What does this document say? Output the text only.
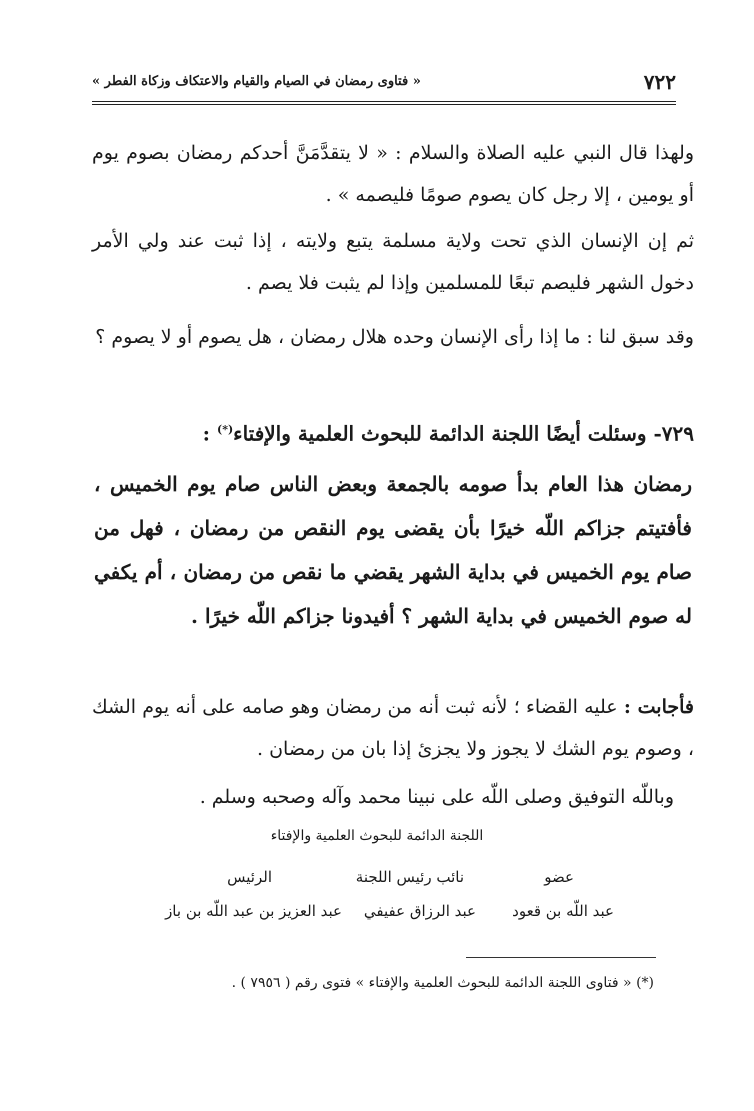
٧٢٢
« فتاوى رمضان في الصيام والقيام والاعتكاف وزكاة الفطر »
ولهذا قال النبي عليه الصلاة والسلام : « لا يتقدَّمَنَّ أحدكم رمضان بصوم يوم أو يومين ، إلا رجل كان يصوم صومًا فليصمه » .
ثم إن الإنسان الذي تحت ولاية مسلمة يتبع ولايته ، إذا ثبت عند ولي الأمر دخول الشهر فليصم تبعًا للمسلمين وإذا لم يثبت فلا يصم .
وقد سبق لنا : ما إذا رأى الإنسان وحده هلال رمضان ، هل يصوم أو لا يصوم ؟
٧٢٩- وسئلت أيضًا اللجنة الدائمة للبحوث العلمية والإفتاء(*) :
رمضان هذا العام بدأ صومه بالجمعة وبعض الناس صام يوم الخميس ، فأفتيتم جزاكم اللّه خيرًا بأن يقضى يوم النقص من رمضان ، فهل من صام يوم الخميس في بداية الشهر يقضي ما نقص من رمضان ، أم يكفي له صوم الخميس في بداية الشهر ؟ أفيدونا جزاكم اللّه خيرًا .
فأجابت : عليه القضاء ؛ لأنه ثبت أنه من رمضان وهو صامه على أنه يوم الشك ، وصوم يوم الشك لا يجوز ولا يجزئ إذا بان من رمضان .
وباللّه التوفيق وصلى اللّه على نبينا محمد وآله وصحبه وسلم .
اللجنة الدائمة للبحوث العلمية والإفتاء
عضو
نائب رئيس اللجنة
الرئيس
عبد اللّه بن قعود
عبد الرزاق عفيفي
عبد العزيز بن عبد اللّه بن باز
(*) « فتاوى اللجنة الدائمة للبحوث العلمية والإفتاء » فتوى رقم ( ٧٩٥٦ ) .
